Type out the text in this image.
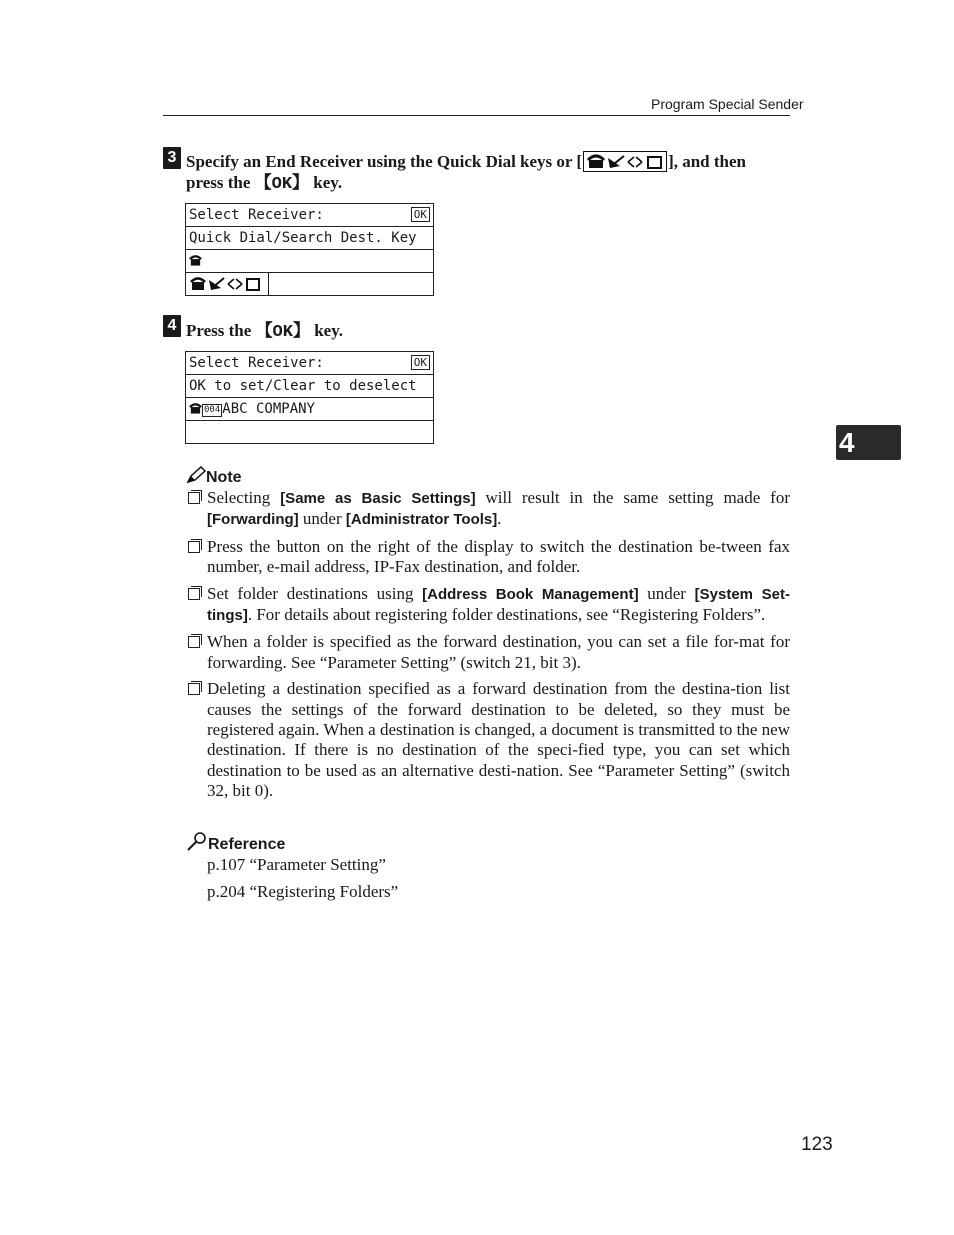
Program Special Sender
4
3 Specify an End Receiver using the Quick Dial keys or [	], and then
press the 【OK】 key.
Select Receiver:	OK
Quick Dial/Search Dest. Key
4 Press the 【OK】 key.
Select Receiver:	OK
OK to set/Clear to deselect
004 ABC COMPANY
Note
Selecting [Same as Basic Settings] will result in the same setting made for [Forwarding] under [Administrator Tools].
Press the button on the right of the display to switch the destination be-tween fax number, e-mail address, IP-Fax destination, and folder.
Set folder destinations using [Address Book Management] under [System Set-tings]. For details about registering folder destinations, see “Registering Folders”.
When a folder is specified as the forward destination, you can set a file for-mat for forwarding. See “Parameter Setting” (switch 21, bit 3).
Deleting a destination specified as a forward destination from the destina-tion list causes the settings of the forward destination to be deleted, so they must be registered again. When a destination is changed, a document is transmitted to the new destination. If there is no destination of the speci-fied type, you can set which destination to be used as an alternative desti-nation. See “Parameter Setting” (switch 32, bit 0).
Reference
p.107 “Parameter Setting”
p.204 “Registering Folders”
123
